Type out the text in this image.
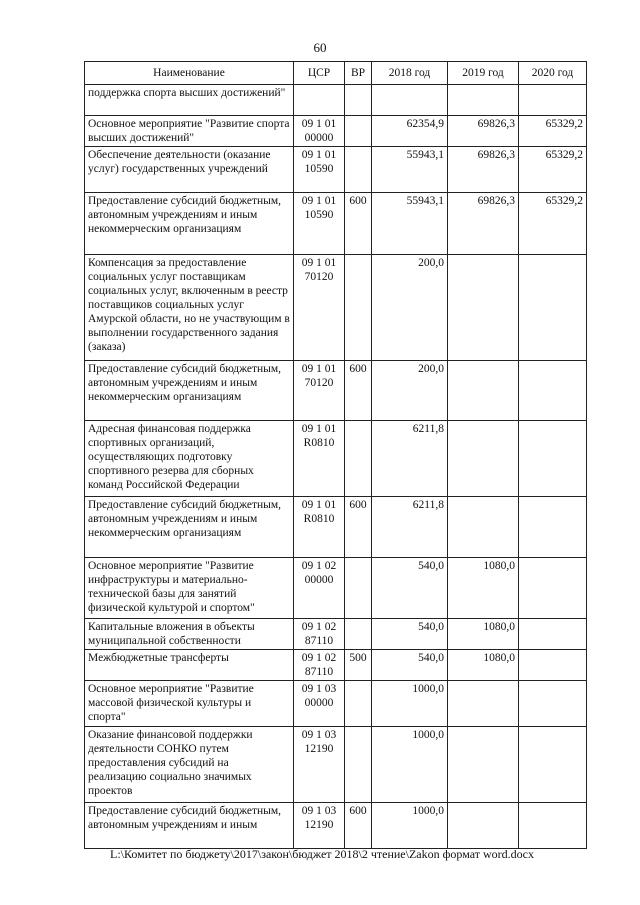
60
Наименование	ЦСР	ВР	2018 год	2019 год	2020 год
поддержка спорта высших достижений"					
Основное мероприятие "Развитие спорта высших достижений"	09 1 01 00000		62354,9	69826,3	65329,2
Обеспечение деятельности (оказание услуг) государственных учреждений	09 1 01 10590		55943,1	69826,3	65329,2
Предоставление субсидий бюджетным, автономным учреждениям и иным некоммерческим организациям	09 1 01 10590	600	55943,1	69826,3	65329,2
Компенсация за предоставление социальных услуг поставщикам социальных услуг, включенным в реестр поставщиков социальных услуг Амурской области, но не участвующим в выполнении государственного задания (заказа)	09 1 01 70120		200,0		
Предоставление субсидий бюджетным, автономным учреждениям и иным некоммерческим организациям	09 1 01 70120	600	200,0		
Адресная финансовая поддержка спортивных организаций, осуществляющих подготовку спортивного резерва для сборных команд Российской Федерации	09 1 01 R0810		6211,8		
Предоставление субсидий бюджетным, автономным учреждениям и иным некоммерческим организациям	09 1 01 R0810	600	6211,8		
Основное мероприятие "Развитие инфраструктуры и материально-технической базы для занятий физической культурой и спортом"	09 1 02 00000		540,0	1080,0	
Капитальные вложения в объекты муниципальной собственности	09 1 02 87110		540,0	1080,0	
Межбюджетные трансферты	09 1 02 87110	500	540,0	1080,0	
Основное мероприятие "Развитие массовой физической культуры и спорта"	09 1 03 00000		1000,0		
Оказание финансовой поддержки деятельности СОНКО путем предоставления субсидий на реализацию социально значимых проектов	09 1 03 12190		1000,0		
Предоставление субсидий бюджетным, автономным учреждениям и иным	09 1 03 12190	600	1000,0		
L:\Комитет по бюджету\2017\закон\бюджет 2018\2 чтение\Zakon формат word.docx
